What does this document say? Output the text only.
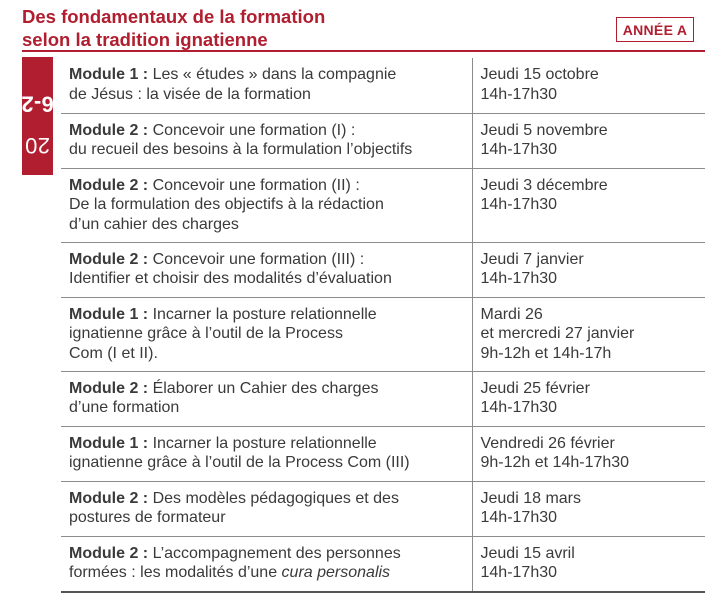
Des fondamentaux de la formation
selon la tradition ignatienne	ANNÉE A
2026-27
Module 1 : Les « études » dans la compagnie
de Jésus : la visée de la formation	Jeudi 15 octobre
14h-17h30

Module 2 : Concevoir une formation (I) :
du recueil des besoins à la formulation l’objectifs	Jeudi 5 novembre
14h-17h30

Module 2 : Concevoir une formation (II) :
De la formulation des objectifs à la rédaction
d’un cahier des charges	Jeudi 3 décembre
14h-17h30

Module 2 : Concevoir une formation (III) :
Identifier et choisir des modalités d’évaluation	Jeudi 7 janvier
14h-17h30

Module 1 : Incarner la posture relationnelle
ignatienne grâce à l’outil de la Process
Com (I et II).	Mardi 26
et mercredi 27 janvier
9h-12h et 14h-17h

Module 2 : Élaborer un Cahier des charges
d’une formation	Jeudi 25 février
14h-17h30

Module 1 : Incarner la posture relationnelle
ignatienne grâce à l’outil de la Process Com (III)	Vendredi 26 février
9h-12h et 14h-17h30

Module 2 : Des modèles pédagogiques et des
postures de formateur	Jeudi 18 mars
14h-17h30

Module 2 : L’accompagnement des personnes
formées : les modalités d’une cura personalis	Jeudi 15 avril
14h-17h30
